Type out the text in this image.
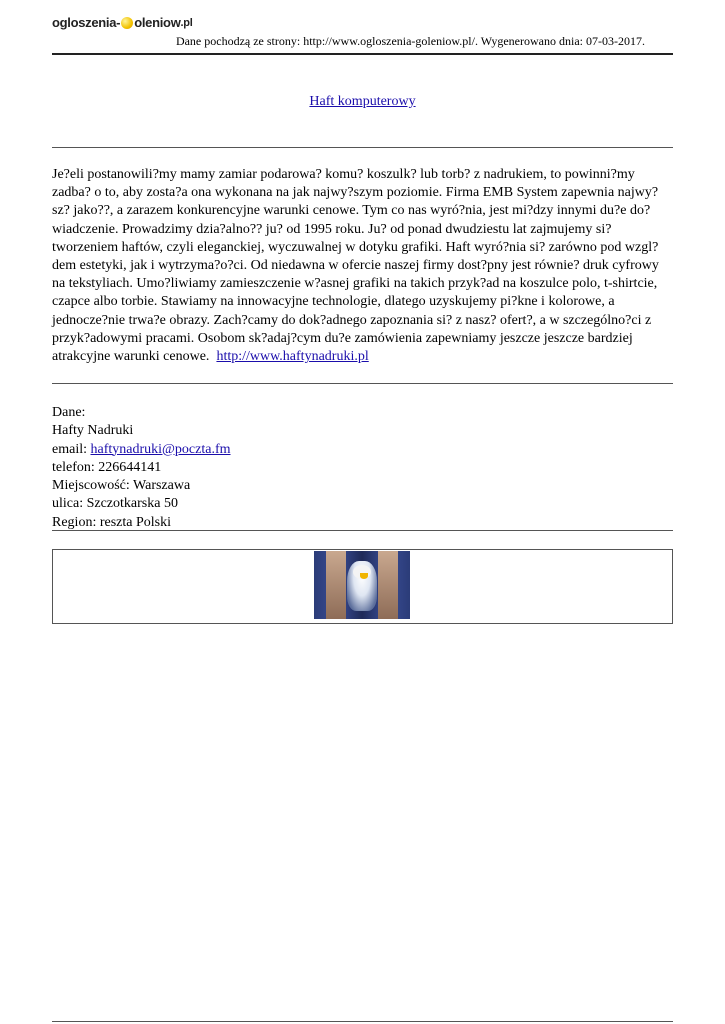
ogloszenia- oleniow .pl
Dane pochodzą ze strony: http://www.ogloszenia-goleniow.pl/. Wygenerowano dnia: 07-03-2017.
Haft komputerowy
Je?eli postanowili?my mamy zamiar podarowa? komu? koszulk? lub torb? z nadrukiem, to powinni?my zadba? o to, aby zosta?a ona wykonana na jak najwy?szym poziomie. Firma EMB System zapewnia najwy?sz? jako??, a zarazem konkurencyjne warunki cenowe. Tym co nas wyró?nia, jest mi?dzy innymi du?e do?wiadczenie. Prowadzimy dzia?alno?? ju? od 1995 roku. Ju? od ponad dwudziestu lat zajmujemy si? tworzeniem haftów, czyli eleganckiej, wyczuwalnej w dotyku grafiki. Haft wyró?nia si? zarówno pod wzgl?dem estetyki, jak i wytrzyma?o?ci. Od niedawna w ofercie naszej firmy dost?pny jest równie? druk cyfrowy na tekstyliach. Umo?liwiamy zamieszczenie w?asnej grafiki na takich przyk?ad na koszulce polo, t-shirtcie, czapce albo torbie. Stawiamy na innowacyjne technologie, dlatego uzyskujemy pi?kne i kolorowe, a jednocze?nie trwa?e obrazy. Zach?camy do dok?adnego zapoznania si? z nasz? ofert?, a w szczególno?ci z przyk?adowymi pracami. Osobom sk?adaj?cym du?e zamówienia zapewniamy jeszcze jeszcze bardziej atrakcyjne warunki cenowe. http://www.haftynadruki.pl
Dane:
Hafty Nadruki
email: haftynadruki@poczta.fm
telefon: 226644141
Miejscowość: Warszawa
ulica: Szczotkarska 50
Region: reszta Polski
